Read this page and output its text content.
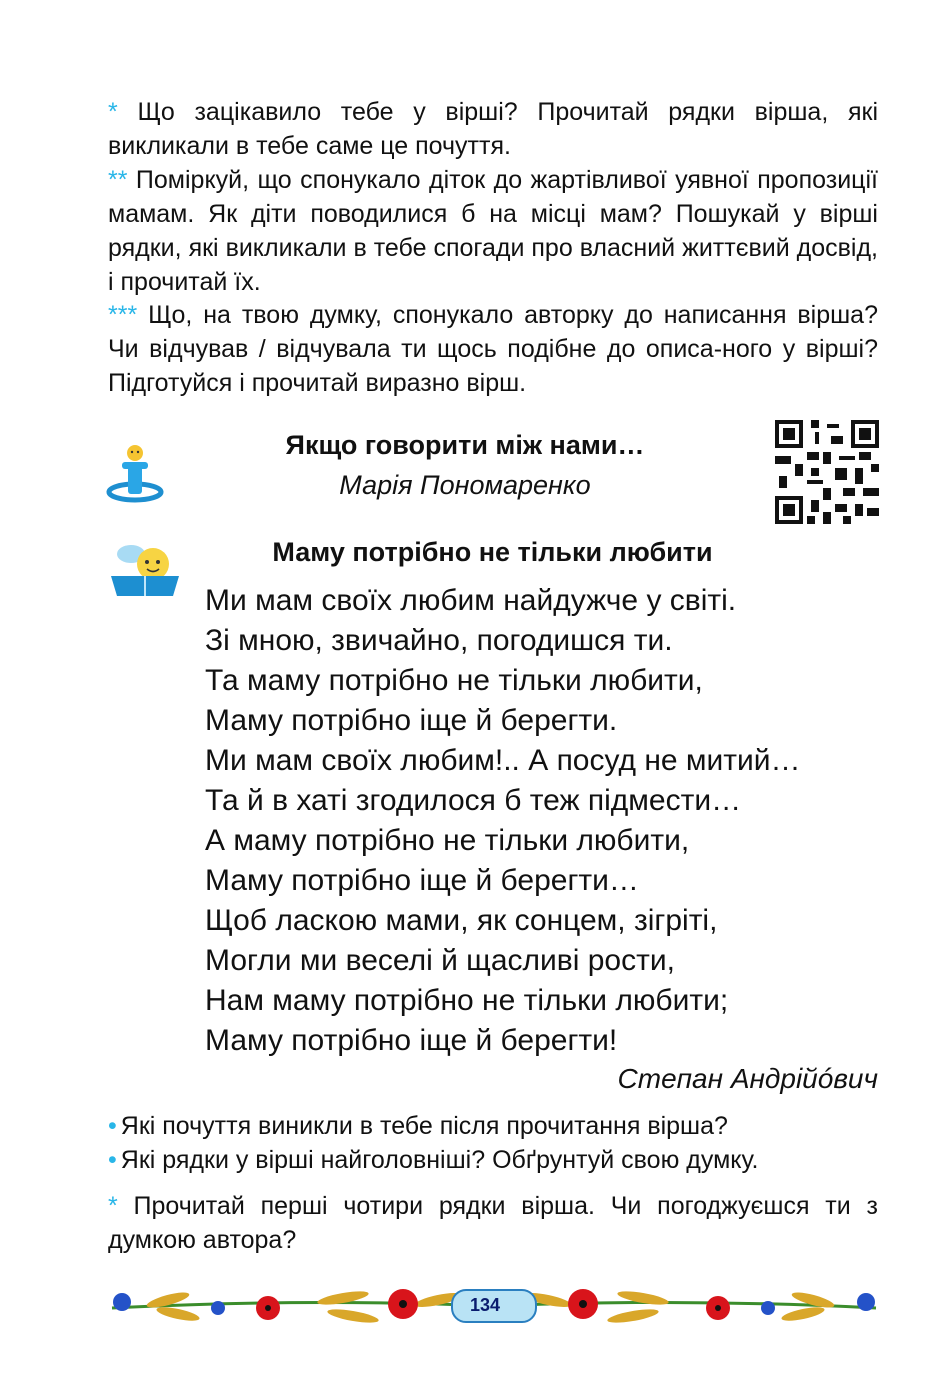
* Що зацікавило тебе у вірші? Прочитай рядки вірша, які викликали в тебе саме це почуття.
** Поміркуй, що спонукало діток до жартівливої уявної пропозиції мамам. Як діти поводилися б на місці мам? Пошукай у вірші рядки, які викликали в тебе спогади про власний життєвий досвід, і прочитай їх.
*** Що, на твою думку, спонукало авторку до написання вірша? Чи відчував / відчувала ти щось подібне до описа-ного у вірші? Підготуйся і прочитай виразно вірш.
Якщо говорити між нами…
Марія Пономаренко
Маму потрібно не тільки любити
Ми мам своїх любим найдужче у світі.
Зі мною, звичайно, погодишся ти.
Та маму потрібно не тільки любити,
Маму потрібно іще й берегти.
Ми мам своїх любим!.. А посуд не митий…
Та й в хаті згодилося б теж підмести…
А маму потрібно не тільки любити,
Маму потрібно іще й берегти…
Щоб ласкою мами, як сонцем, зігріті,
Могли ми веселі й щасливі рости,
Нам маму потрібно не тільки любити;
Маму потрібно іще й берегти!
Степан Андрійóвич
• Які почуття виникли в тебе після прочитання вірша?
• Які рядки у вірші найголовніші? Обґрунтуй свою думку.
* Прочитай перші чотири рядки вірша. Чи погоджуєшся ти з думкою автора?
134
